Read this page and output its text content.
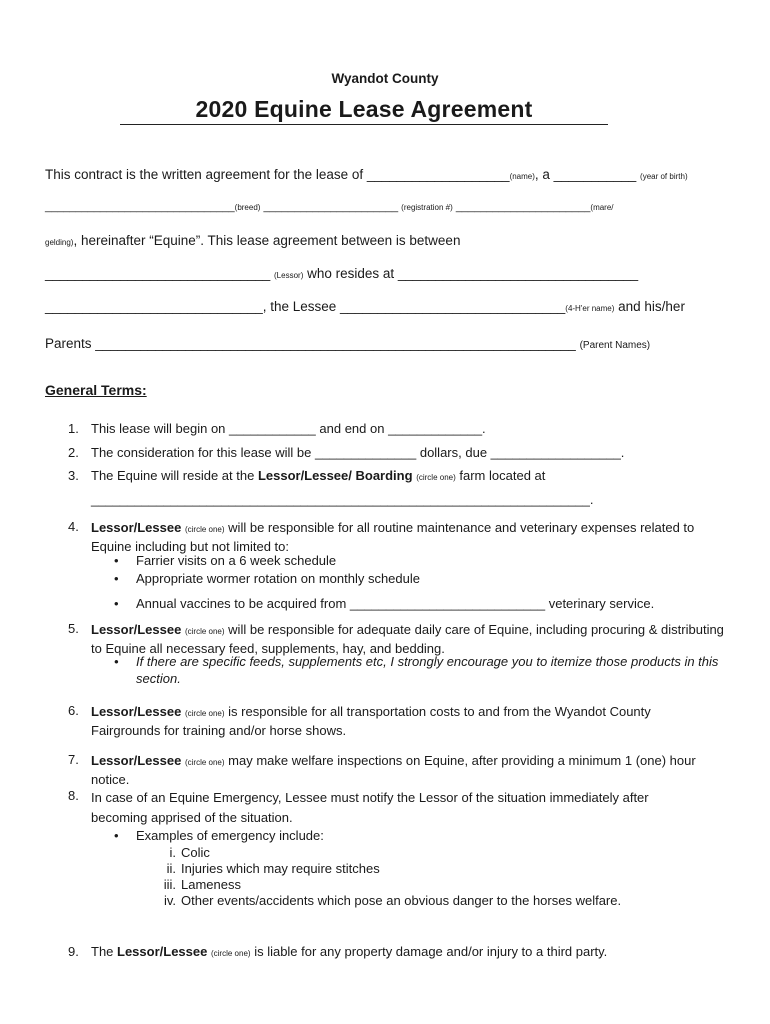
Wyandot County
2020 Equine Lease Agreement
This contract is the written agreement for the lease of ___________________(name), a ___________ (year of birth)
_______________________________(breed) ______________________ (registration #) ______________________(mare/
gelding), hereinafter “Equine”. This lease agreement between is between
______________________________ (Lessor) who resides at ________________________________
_____________________________, the Lessee ______________________________(4-H'er name) and his/her
Parents ________________________________________________________________ (Parent Names)
General Terms:
1. This lease will begin on ____________ and end on _____________.
2. The consideration for this lease will be ______________ dollars, due __________________.
3. The Equine will reside at the Lessor/Lessee/ Boarding (circle one) farm located at
_____________________________________________________________________.
4. Lessor/Lessee (circle one) will be responsible for all routine maintenance and veterinary expenses related to Equine including but not limited to:
• Farrier visits on a 6 week schedule
• Appropriate wormer rotation on monthly schedule
• Annual vaccines to be acquired from ___________________________ veterinary service.
5. Lessor/Lessee (circle one) will be responsible for adequate daily care of Equine, including procuring & distributing to Equine all necessary feed, supplements, hay, and bedding.
• If there are specific feeds, supplements etc, I strongly encourage you to itemize those products in this section.
6. Lessor/Lessee (circle one) is responsible for all transportation costs to and from the Wyandot County Fairgrounds for training and/or horse shows.
7. Lessor/Lessee (circle one) may make welfare inspections on Equine, after providing a minimum 1 (one) hour notice.
8. In case of an Equine Emergency, Lessee must notify the Lessor of the situation immediately after becoming apprised of the situation.
• Examples of emergency include:
i. Colic
ii. Injuries which may require stitches
iii. Lameness
iv. Other events/accidents which pose an obvious danger to the horses welfare.
9. The Lessor/Lessee (circle one) is liable for any property damage and/or injury to a third party.
